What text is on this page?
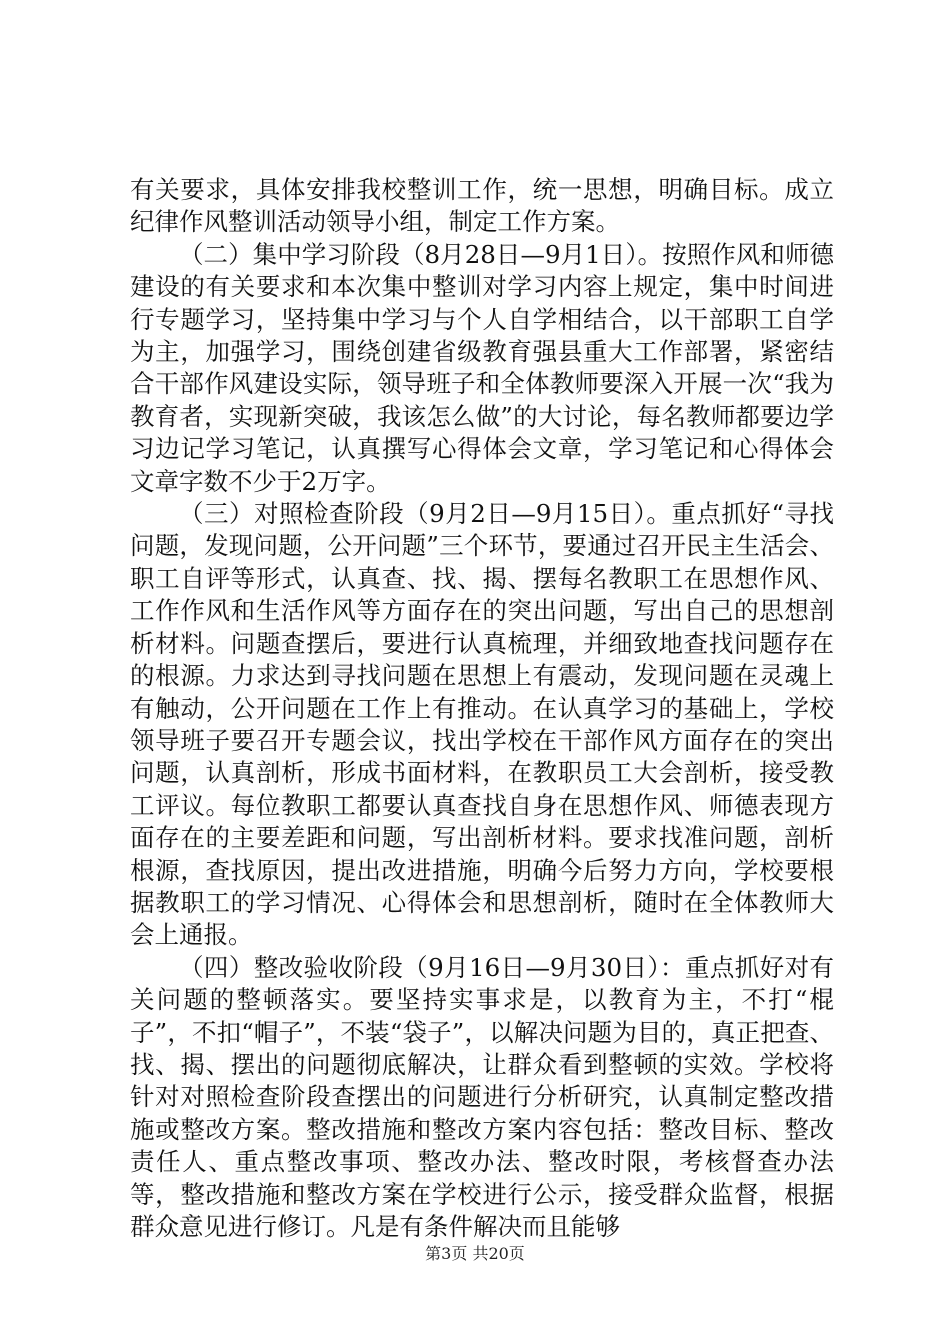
有关要求，具体安排我校整训工作，统一思想，明确目标。成立纪律作风整训活动领导小组，制定工作方案。

（二）集中学习阶段（8月28日—9月1日）。按照作风和师德建设的有关要求和本次集中整训对学习内容上规定，集中时间进行专题学习，坚持集中学习与个人自学相结合，以干部职工自学为主，加强学习，围绕创建省级教育强县重大工作部署，紧密结合干部作风建设实际，领导班子和全体教师要深入开展一次“我为教育者，实现新突破，我该怎么做”的大讨论，每名教师都要边学习边记学习笔记，认真撰写心得体会文章，学习笔记和心得体会文章字数不少于2万字。

（三）对照检查阶段（9月2日—9月15日）。重点抓好“寻找问题，发现问题，公开问题”三个环节，要通过召开民主生活会、职工自评等形式，认真查、找、揭、摆每名教职工在思想作风、工作作风和生活作风等方面存在的突出问题，写出自己的思想剖析材料。问题查摆后，要进行认真梳理，并细致地查找问题存在的根源。力求达到寻找问题在思想上有震动，发现问题在灵魂上有触动，公开问题在工作上有推动。在认真学习的基础上，学校领导班子要召开专题会议，找出学校在干部作风方面存在的突出问题，认真剖析，形成书面材料，在教职员工大会剖析，接受教工评议。每位教职工都要认真查找自身在思想作风、师德表现方面存在的主要差距和问题，写出剖析材料。要求找准问题，剖析根源，查找原因，提出改进措施，明确今后努力方向，学校要根据教职工的学习情况、心得体会和思想剖析，随时在全体教师大会上通报。

（四）整改验收阶段（9月16日—9月30日）：重点抓好对有关问题的整顿落实。要坚持实事求是，以教育为主，不打“棍子”，不扣“帽子”，不装“袋子”，以解决问题为目的，真正把查、找、揭、摆出的问题彻底解决，让群众看到整顿的实效。学校将针对对照检查阶段查摆出的问题进行分析研究，认真制定整改措施或整改方案。整改措施和整改方案内容包括：整改目标、整改责任人、重点整改事项、整改办法、整改时限，考核督查办法等，整改措施和整改方案在学校进行公示，接受群众监督，根据群众意见进行修订。凡是有条件解决而且能够

第3页 共20页
